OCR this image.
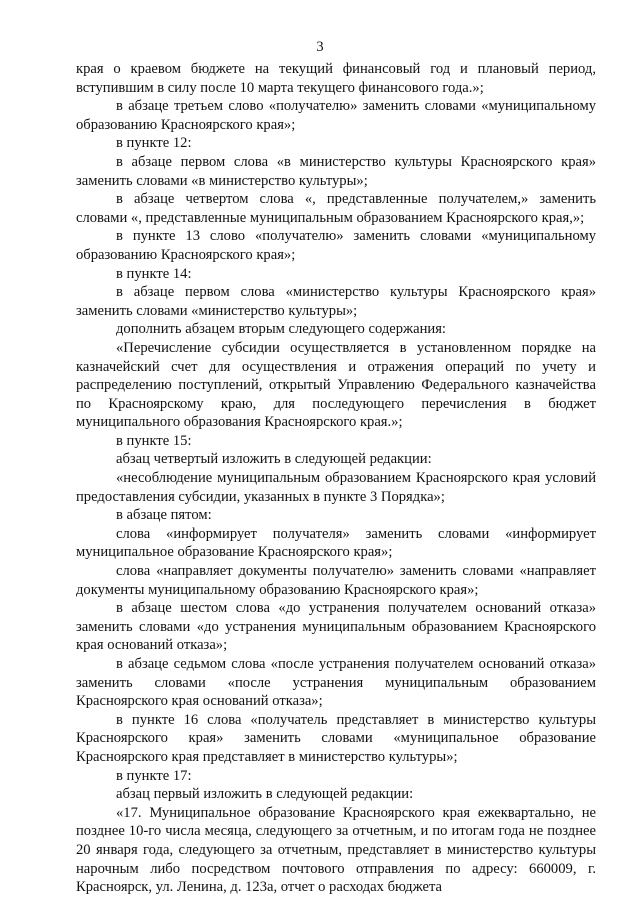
3

края о краевом бюджете на текущий финансовый год и плановый период, вступившим в силу после 10 марта текущего финансового года.»;

в абзаце третьем слово «получателю» заменить словами «муниципальному образованию Красноярского края»;

в пункте 12:

в абзаце первом слова «в министерство культуры Красноярского края» заменить словами «в министерство культуры»;

в абзаце четвертом слова «, представленные получателем,» заменить словами «, представленные муниципальным образованием Красноярского края,»;

в пункте 13 слово «получателю» заменить словами «муниципальному образованию Красноярского края»;

в пункте 14:

в абзаце первом слова «министерство культуры Красноярского края» заменить словами «министерство культуры»;

дополнить абзацем вторым следующего содержания:

«Перечисление субсидии осуществляется в установленном порядке на казначейский счет для осуществления и отражения операций по учету и распределению поступлений, открытый Управлению Федерального казначейства по Красноярскому краю, для последующего перечисления в бюджет муниципального образования Красноярского края.»;

в пункте 15:

абзац четвертый изложить в следующей редакции:

«несоблюдение муниципальным образованием Красноярского края условий предоставления субсидии, указанных в пункте 3 Порядка»;

в абзаце пятом:

слова «информирует получателя» заменить словами «информирует муниципальное образование Красноярского края»;

слова «направляет документы получателю» заменить словами «направляет документы муниципальному образованию Красноярского края»;

в абзаце шестом слова «до устранения получателем оснований отказа» заменить словами «до устранения муниципальным образованием Красноярского края оснований отказа»;

в абзаце седьмом слова «после устранения получателем оснований отказа» заменить словами «после устранения муниципальным образованием Красноярского края оснований отказа»;

в пункте 16 слова «получатель представляет в министерство культуры Красноярского края» заменить словами «муниципальное образование Красноярского края представляет в министерство культуры»;

в пункте 17:

абзац первый изложить в следующей редакции:

«17. Муниципальное образование Красноярского края ежеквартально, не позднее 10-го числа месяца, следующего за отчетным, и по итогам года не позднее 20 января года, следующего за отчетным, представляет в министерство культуры нарочным либо посредством почтового отправления по адресу: 660009, г. Красноярск, ул. Ленина, д. 123а, отчет о расходах бюджета
